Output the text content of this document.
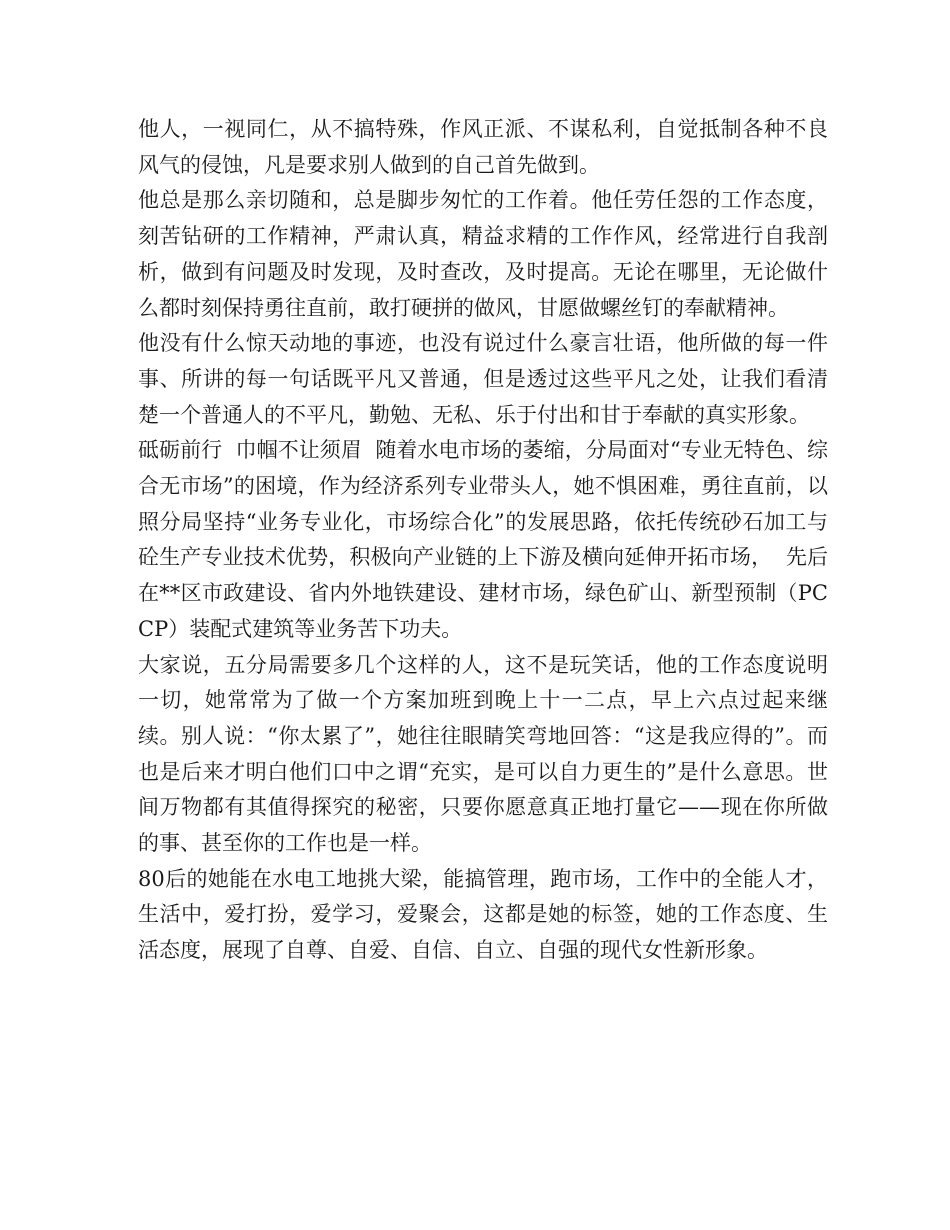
他人，一视同仁，从不搞特殊，作风正派、不谋私利，自觉抵制各种不良风气的侵蚀，凡是要求别人做到的自己首先做到。

他总是那么亲切随和，总是脚步匆忙的工作着。他任劳任怨的工作态度，刻苦钻研的工作精神，严肃认真，精益求精的工作作风，经常进行自我剖析，做到有问题及时发现，及时查改，及时提高。无论在哪里，无论做什么都时刻保持勇往直前，敢打硬拼的做风，甘愿做螺丝钉的奉献精神。

他没有什么惊天动地的事迹，也没有说过什么豪言壮语，他所做的每一件事、所讲的每一句话既平凡又普通，但是透过这些平凡之处，让我们看清楚一个普通人的不平凡，勤勉、无私、乐于付出和甘于奉献的真实形象。

砥砺前行  巾帼不让须眉  随着水电市场的萎缩，分局面对“专业无特色、综合无市场”的困境，作为经济系列专业带头人，她不惧困难，勇往直前，以照分局坚持“业务专业化，市场综合化”的发展思路，依托传统砂石加工与砼生产专业技术优势，积极向产业链的上下游及横向延伸开拓市场，  先后在**区市政建设、省内外地铁建设、建材市场，绿色矿山、新型预制（PCCP）装配式建筑等业务苦下功夫。

大家说，五分局需要多几个这样的人，这不是玩笑话，他的工作态度说明一切，她常常为了做一个方案加班到晚上十一二点，早上六点过起来继续。别人说：“你太累了”，她往往眼睛笑弯地回答：“这是我应得的”。而也是后来才明白他们口中之谓“充实，是可以自力更生的”是什么意思。世间万物都有其值得探究的秘密，只要你愿意真正地打量它——现在你所做的事、甚至你的工作也是一样。

80后的她能在水电工地挑大梁，能搞管理，跑市场，工作中的全能人才，生活中，爱打扮，爱学习，爱聚会，这都是她的标签，她的工作态度、生活态度，展现了自尊、自爱、自信、自立、自强的现代女性新形象。
